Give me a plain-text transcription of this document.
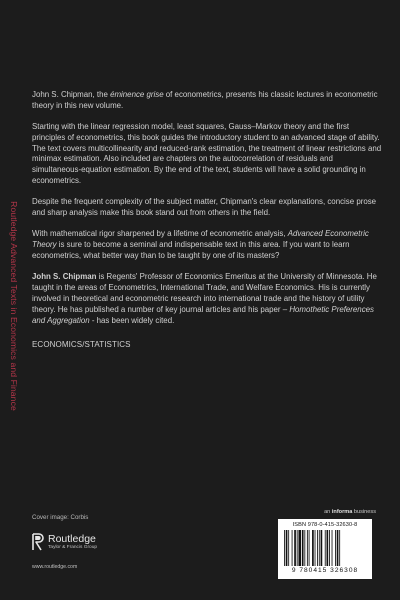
Routledge Advanced Texts in Economics and Finance

John S. Chipman, the éminence grise of econometrics, presents his classic lectures in econometric theory in this new volume.

Starting with the linear regression model, least squares, Gauss–Markov theory and the first principles of econometrics, this book guides the introductory student to an advanced stage of ability. The text covers multicollinearity and reduced-rank estimation, the treatment of linear restrictions and minimax estimation. Also included are chapters on the autocorrelation of residuals and simultaneous-equation estimation. By the end of the text, students will have a solid grounding in econometrics.

Despite the frequent complexity of the subject matter, Chipman's clear explanations, concise prose and sharp analysis make this book stand out from others in the field.

With mathematical rigor sharpened by a lifetime of econometric analysis, Advanced Econometric Theory is sure to become a seminal and indispensable text in this area. If you want to learn econometrics, what better way than to be taught by one of its masters?

John S. Chipman is Regents' Professor of Economics Emeritus at the University of Minnesota. He taught in the areas of Econometrics, International Trade, and Welfare Economics. His is currently involved in theoretical and econometric research into international trade and the history of utility theory. He has published a number of key journal articles and his paper – Homothetic Preferences and Aggregation - has been widely cited.

ECONOMICS/STATISTICS
Cover image: Corbis
an informa business
Routledge
Taylor & Francis Group
www.routledge.com
ISBN 978-0-415-32630-8
9 780415 326308
